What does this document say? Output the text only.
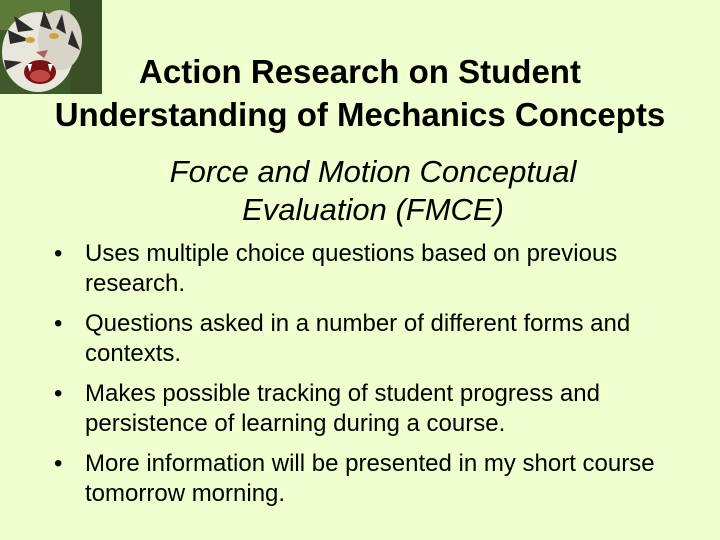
Action Research on Student
Understanding of Mechanics Concepts
Force and Motion Conceptual
Evaluation (FMCE)
• Uses multiple choice questions based on previous research.
• Questions asked in a number of different forms and contexts.
• Makes possible tracking of student progress and persistence of learning during a course.
• More information will be presented in my short course tomorrow morning.
